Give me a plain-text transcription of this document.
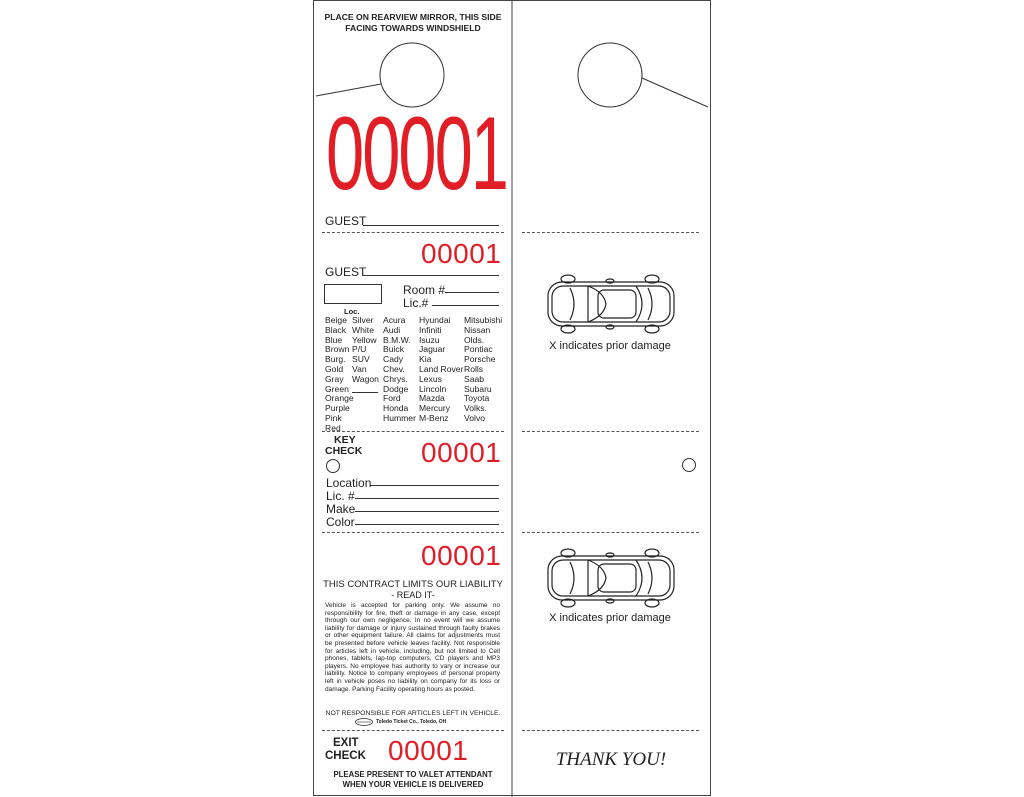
PLACE ON REARVIEW MIRROR, THIS SIDE FACING TOWARDS WINDSHIELD
00001
GUEST
00001
GUEST
Loc.
Room #
Lic.#
Beige
Black
Blue
Brown
Burg.
Gold
Gray
Green
Orange
Purple
Pink
Red
Silver
White
Yellow
P/U
SUV
Van
Wagon
Acura
Audi
B.M.W.
Buick
Cady
Chev.
Chrys.
Dodge
Ford
Honda
Hummer
Hyundai
Infiniti
Isuzu
Jaguar
Kia
Land Rover
Lexus
Lincoln
Mazda
Mercury
M-Benz
Mitsubishi
Nissan
Olds.
Pontiac
Porsche
Rolls
Saab
Subaru
Toyota
Volks.
Volvo
KEY
CHECK 00001
Location
Lic. #
Make
Color
00001
THIS CONTRACT LIMITS OUR LIABILITY
- READ IT-
Vehicle is accepted for parking only. We assume no responsibility for fire, theft or damage in any case, except through our own negligence. In no event will we assume liability for damage or injury sustained through faulty brakes or other equipment failure. All claims for adjustments must be presented before vehicle leaves facility. Not responsible for articles left in vehicle, including, but not limited to Cell phones, tablets, lap-top computers, CD players and MP3 players. No employee has authority to vary or increase our liability. Notice to company employees of personal property left in vehicle poses no liability on company for its loss or damage. Parking Facility operating hours as posted.
NOT RESPONSIBLE FOR ARTICLES LEFT IN VEHICLE.
Toledo Ticket Co., Toledo, OH
EXIT
CHECK 00001
PLEASE PRESENT TO VALET ATTENDANT
WHEN YOUR VEHICLE IS DELIVERED
X indicates prior damage
X indicates prior damage
THANK YOU!
